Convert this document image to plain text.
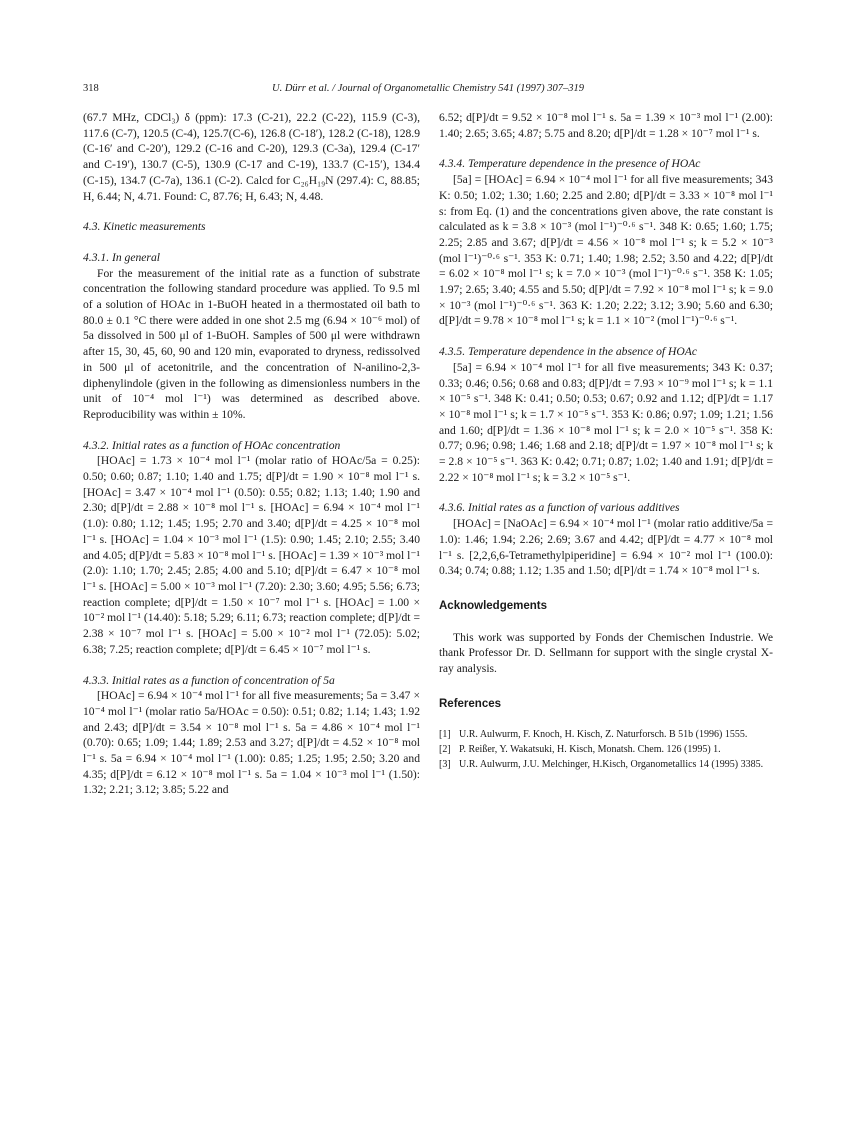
318	U. Dürr et al. / Journal of Organometallic Chemistry 541 (1997) 307–319

(67.7 MHz, CDCl₃) δ (ppm): 17.3 (C-21), 22.2 (C-22), 115.9 (C-3), 117.6 (C-7), 120.5 (C-4), 125.7(C-6), 126.8 (C-18′), 128.2 (C-18), 128.9 (C-16′ and C-20′), 129.2 (C-16 and C-20), 129.3 (C-3a), 129.4 (C-17′ and C-19′), 130.7 (C-5), 130.9 (C-17 and C-19), 133.7 (C-15′), 134.4 (C-15), 134.7 (C-7a), 136.1 (C-2). Calcd for C₂₆H₁₉N (297.4): C, 88.85; H, 6.44; N, 4.71. Found: C, 87.76; H, 6.43; N, 4.48.

4.3. Kinetic measurements

4.3.1. In general

For the measurement of the initial rate as a function of substrate concentration the following standard procedure was applied. To 9.5 ml of a solution of HOAc in 1-BuOH heated in a thermostated oil bath to 80.0 ± 0.1 °C there were added in one shot 2.5 mg (6.94 × 10⁻⁶ mol) of 5a dissolved in 500 μl of 1-BuOH. Samples of 500 μl were withdrawn after 15, 30, 45, 60, 90 and 120 min, evaporated to dryness, redissolved in 500 μl of acetonitrile, and the concentration of N-anilino-2,3-diphenylindole (given in the following as dimensionless numbers in the unit of 10⁻⁴ mol l⁻¹) was determined as described above. Reproducibility was within ± 10%.

4.3.2. Initial rates as a function of HOAc concentration

[HOAc] = 1.73 × 10⁻⁴ mol l⁻¹ (molar ratio of HOAc/5a = 0.25): 0.50; 0.60; 0.87; 1.10; 1.40 and 1.75; d[P]/dt = 1.90 × 10⁻⁸ mol l⁻¹ s. [HOAc] = 3.47 × 10⁻⁴ mol l⁻¹ (0.50): 0.55; 0.82; 1.13; 1.40; 1.90 and 2.30; d[P]/dt = 2.88 × 10⁻⁸ mol l⁻¹ s. [HOAc] = 6.94 × 10⁻⁴ mol l⁻¹ (1.0): 0.80; 1.12; 1.45; 1.95; 2.70 and 3.40; d[P]/dt = 4.25 × 10⁻⁸ mol l⁻¹ s. [HOAc] = 1.04 × 10⁻³ mol l⁻¹ (1.5): 0.90; 1.45; 2.10; 2.55; 3.40 and 4.05; d[P]/dt = 5.83 × 10⁻⁸ mol l⁻¹ s. [HOAc] = 1.39 × 10⁻³ mol l⁻¹ (2.0): 1.10; 1.70; 2.45; 2.85; 4.00 and 5.10; d[P]/dt = 6.47 × 10⁻⁸ mol l⁻¹ s. [HOAc] = 5.00 × 10⁻³ mol l⁻¹ (7.20): 2.30; 3.60; 4.95; 5.56; 6.73; reaction complete; d[P]/dt = 1.50 × 10⁻⁷ mol l⁻¹ s. [HOAc] = 1.00 × 10⁻² mol l⁻¹ (14.40): 5.18; 5.29; 6.11; 6.73; reaction complete; d[P]/dt = 2.38 × 10⁻⁷ mol l⁻¹ s. [HOAc] = 5.00 × 10⁻² mol l⁻¹ (72.05): 5.02; 6.38; 7.25; reaction complete; d[P]/dt = 6.45 × 10⁻⁷ mol l⁻¹ s.

4.3.3. Initial rates as a function of concentration of 5a

[HOAc] = 6.94 × 10⁻⁴ mol l⁻¹ for all five measurements; 5a = 3.47 × 10⁻⁴ mol l⁻¹ (molar ratio 5a/HOAc = 0.50): 0.51; 0.82; 1.14; 1.43; 1.92 and 2.43; d[P]/dt = 3.54 × 10⁻⁸ mol l⁻¹ s. 5a = 4.86 × 10⁻⁴ mol l⁻¹ (0.70): 0.65; 1.09; 1.44; 1.89; 2.53 and 3.27; d[P]/dt = 4.52 × 10⁻⁸ mol l⁻¹ s. 5a = 6.94 × 10⁻⁴ mol l⁻¹ (1.00): 0.85; 1.25; 1.95; 2.50; 3.20 and 4.35; d[P]/dt = 6.12 × 10⁻⁸ mol l⁻¹ s. 5a = 1.04 × 10⁻³ mol l⁻¹ (1.50): 1.32; 2.21; 3.12; 3.85; 5.22 and

6.52; d[P]/dt = 9.52 × 10⁻⁸ mol l⁻¹ s. 5a = 1.39 × 10⁻³ mol l⁻¹ (2.00): 1.40; 2.65; 3.65; 4.87; 5.75 and 8.20; d[P]/dt = 1.28 × 10⁻⁷ mol l⁻¹ s.

4.3.4. Temperature dependence in the presence of HOAc

[5a] = [HOAc] = 6.94 × 10⁻⁴ mol l⁻¹ for all five measurements; 343 K: 0.50; 1.02; 1.30; 1.60; 2.25 and 2.80; d[P]/dt = 3.33 × 10⁻⁸ mol l⁻¹ s: from Eq. (1) and the concentrations given above, the rate constant is calculated as k = 3.8 × 10⁻³ (mol l⁻¹)⁻⁰·⁶ s⁻¹. 348 K: 0.65; 1.60; 1.75; 2.25; 2.85 and 3.67; d[P]/dt = 4.56 × 10⁻⁸ mol l⁻¹ s; k = 5.2 × 10⁻³ (mol l⁻¹)⁻⁰·⁶ s⁻¹. 353 K: 0.71; 1.40; 1.98; 2.52; 3.50 and 4.22; d[P]/dt = 6.02 × 10⁻⁸ mol l⁻¹ s; k = 7.0 × 10⁻³ (mol l⁻¹)⁻⁰·⁶ s⁻¹. 358 K: 1.05; 1.97; 2.65; 3.40; 4.55 and 5.50; d[P]/dt = 7.92 × 10⁻⁸ mol l⁻¹ s; k = 9.0 × 10⁻³ (mol l⁻¹)⁻⁰·⁶ s⁻¹. 363 K: 1.20; 2.22; 3.12; 3.90; 5.60 and 6.30; d[P]/dt = 9.78 × 10⁻⁸ mol l⁻¹ s; k = 1.1 × 10⁻² (mol l⁻¹)⁻⁰·⁶ s⁻¹.

4.3.5. Temperature dependence in the absence of HOAc

[5a] = 6.94 × 10⁻⁴ mol l⁻¹ for all five measurements; 343 K: 0.37; 0.33; 0.46; 0.56; 0.68 and 0.83; d[P]/dt = 7.93 × 10⁻⁹ mol l⁻¹ s; k = 1.1 × 10⁻⁵ s⁻¹. 348 K: 0.41; 0.50; 0.53; 0.67; 0.92 and 1.12; d[P]/dt = 1.17 × 10⁻⁸ mol l⁻¹ s; k = 1.7 × 10⁻⁵ s⁻¹. 353 K: 0.86; 0.97; 1.09; 1.21; 1.56 and 1.60; d[P]/dt = 1.36 × 10⁻⁸ mol l⁻¹ s; k = 2.0 × 10⁻⁵ s⁻¹. 358 K: 0.77; 0.96; 0.98; 1.46; 1.68 and 2.18; d[P]/dt = 1.97 × 10⁻⁸ mol l⁻¹ s; k = 2.8 × 10⁻⁵ s⁻¹. 363 K: 0.42; 0.71; 0.87; 1.02; 1.40 and 1.91; d[P]/dt = 2.22 × 10⁻⁸ mol l⁻¹ s; k = 3.2 × 10⁻⁵ s⁻¹.

4.3.6. Initial rates as a function of various additives

[HOAc] = [NaOAc] = 6.94 × 10⁻⁴ mol l⁻¹ (molar ratio additive/5a = 1.0): 1.46; 1.94; 2.26; 2.69; 3.67 and 4.42; d[P]/dt = 4.77 × 10⁻⁸ mol l⁻¹ s. [2,2,6,6-Tetramethylpiperidine] = 6.94 × 10⁻² mol l⁻¹ (100.0): 0.34; 0.74; 0.88; 1.12; 1.35 and 1.50; d[P]/dt = 1.74 × 10⁻⁸ mol l⁻¹ s.

Acknowledgements

This work was supported by Fonds der Chemischen Industrie. We thank Professor Dr. D. Sellmann for support with the single crystal X-ray analysis.

References

[1] U.R. Aulwurm, F. Knoch, H. Kisch, Z. Naturforsch. B 51b (1996) 1555.
[2] P. Reißer, Y. Wakatsuki, H. Kisch, Monatsh. Chem. 126 (1995) 1.
[3] U.R. Aulwurm, J.U. Melchinger, H.Kisch, Organometallics 14 (1995) 3385.
